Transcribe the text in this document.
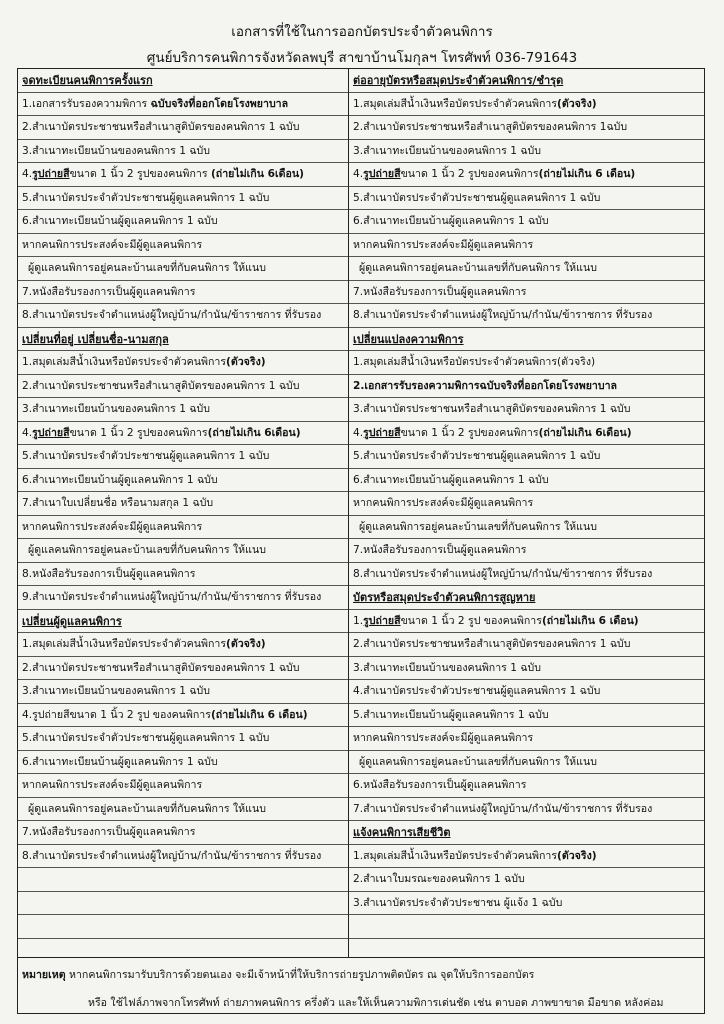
เอกสารที่ใช้ในการออกบัตรประจำตัวคนพิการ
ศูนย์บริการคนพิการจังหวัดลพบุรี สาขาบ้านโมกุลฯ โทรศัพท์ 036-791643
จดทะเบียนคนพิการครั้งแรก
1.เอกสารรับรองความพิการ ฉบับจริงที่ออกโดยโรงพยาบาล
2.สำเนาบัตรประชาชนหรือสำเนาสูติบัตรของคนพิการ 1 ฉบับ
3.สำเนาทะเบียนบ้านของคนพิการ 1 ฉบับ
4.รูปถ่ายสีขนาด 1 นิ้ว 2 รูปของคนพิการ (ถ่ายไม่เกิน 6เดือน)
5.สำเนาบัตรประจำตัวประชาชนผู้ดูแลคนพิการ 1 ฉบับ
6.สำเนาทะเบียนบ้านผู้ดูแลคนพิการ 1 ฉบับ
หากคนพิการประสงค์จะมีผู้ดูแลคนพิการ
ผู้ดูแลคนพิการอยู่คนละบ้านเลขที่กับคนพิการ ให้แนบ
7.หนังสือรับรองการเป็นผู้ดูแลคนพิการ
8.สำเนาบัตรประจำตำแหน่งผู้ใหญ่บ้าน/กำนัน/ข้าราชการ ที่รับรอง
เปลี่ยนที่อยู่ เปลี่ยนชื่อ-นามสกุล
1.สมุดเล่มสีน้ำเงินหรือบัตรประจำตัวคนพิการ(ตัวจริง)
2.สำเนาบัตรประชาชนหรือสำเนาสูติบัตรของคนพิการ 1 ฉบับ
3.สำเนาทะเบียนบ้านของคนพิการ 1 ฉบับ
4.รูปถ่ายสีขนาด 1 นิ้ว 2 รูปของคนพิการ(ถ่ายไม่เกิน 6เดือน)
5.สำเนาบัตรประจำตัวประชาชนผู้ดูแลคนพิการ 1 ฉบับ
6.สำเนาทะเบียนบ้านผู้ดูแลคนพิการ 1 ฉบับ
7.สำเนาใบเปลี่ยนชื่อ หรือนามสกุล 1 ฉบับ
หากคนพิการประสงค์จะมีผู้ดูแลคนพิการ
ผู้ดูแลคนพิการอยู่คนละบ้านเลขที่กับคนพิการ ให้แนบ
8.หนังสือรับรองการเป็นผู้ดูแลคนพิการ
9.สำเนาบัตรประจำตำแหน่งผู้ใหญ่บ้าน/กำนัน/ข้าราชการ ที่รับรอง
เปลี่ยนผู้ดูแลคนพิการ
1.สมุดเล่มสีน้ำเงินหรือบัตรประจำตัวคนพิการ(ตัวจริง)
2.สำเนาบัตรประชาชนหรือสำเนาสูติบัตรของคนพิการ 1 ฉบับ
3.สำเนาทะเบียนบ้านของคนพิการ 1 ฉบับ
4.รูปถ่ายสีขนาด 1 นิ้ว 2 รูป ของคนพิการ(ถ่ายไม่เกิน 6 เดือน)
5.สำเนาบัตรประจำตัวประชาชนผู้ดูแลคนพิการ 1 ฉบับ
6.สำเนาทะเบียนบ้านผู้ดูแลคนพิการ 1 ฉบับ
หากคนพิการประสงค์จะมีผู้ดูแลคนพิการ
ผู้ดูแลคนพิการอยู่คนละบ้านเลขที่กับคนพิการ ให้แนบ
7.หนังสือรับรองการเป็นผู้ดูแลคนพิการ
8.สำเนาบัตรประจำตำแหน่งผู้ใหญ่บ้าน/กำนัน/ข้าราชการ ที่รับรอง
ต่ออายุบัตรหรือสมุดประจำตัวคนพิการ/ชำรุด
1.สมุดเล่มสีน้ำเงินหรือบัตรประจำตัวคนพิการ(ตัวจริง)
2.สำเนาบัตรประชาชนหรือสำเนาสูติบัตรของคนพิการ 1ฉบับ
3.สำเนาทะเบียนบ้านของคนพิการ 1 ฉบับ
4.รูปถ่ายสีขนาด 1 นิ้ว 2 รูปของคนพิการ(ถ่ายไม่เกิน 6 เดือน)
5.สำเนาบัตรประจำตัวประชาชนผู้ดูแลคนพิการ 1 ฉบับ
6.สำเนาทะเบียนบ้านผู้ดูแลคนพิการ 1 ฉบับ
หากคนพิการประสงค์จะมีผู้ดูแลคนพิการ
ผู้ดูแลคนพิการอยู่คนละบ้านเลขที่กับคนพิการ ให้แนบ
7.หนังสือรับรองการเป็นผู้ดูแลคนพิการ
8.สำเนาบัตรประจำตำแหน่งผู้ใหญ่บ้าน/กำนัน/ข้าราชการ ที่รับรอง
เปลี่ยนแปลงความพิการ
1.สมุดเล่มสีน้ำเงินหรือบัตรประจำตัวคนพิการ(ตัวจริง)
2.เอกสารรับรองความพิการฉบับจริงที่ออกโดยโรงพยาบาล
3.สำเนาบัตรประชาชนหรือสำเนาสูติบัตรของคนพิการ 1 ฉบับ
4.รูปถ่ายสีขนาด 1 นิ้ว 2 รูปของคนพิการ(ถ่ายไม่เกิน 6เดือน)
5.สำเนาบัตรประจำตัวประชาชนผู้ดูแลคนพิการ 1 ฉบับ
6.สำเนาทะเบียนบ้านผู้ดูแลคนพิการ 1 ฉบับ
หากคนพิการประสงค์จะมีผู้ดูแลคนพิการ
ผู้ดูแลคนพิการอยู่คนละบ้านเลขที่กับคนพิการ ให้แนบ
7.หนังสือรับรองการเป็นผู้ดูแลคนพิการ
8.สำเนาบัตรประจำตำแหน่งผู้ใหญ่บ้าน/กำนัน/ข้าราชการ ที่รับรอง
บัตรหรือสมุดประจำตัวคนพิการสูญหาย
1.รูปถ่ายสีขนาด 1 นิ้ว 2 รูป ของคนพิการ(ถ่ายไม่เกิน 6 เดือน)
2.สำเนาบัตรประชาชนหรือสำเนาสูติบัตรของคนพิการ 1 ฉบับ
3.สำเนาทะเบียนบ้านของคนพิการ 1 ฉบับ
4.สำเนาบัตรประจำตัวประชาชนผู้ดูแลคนพิการ 1 ฉบับ
5.สำเนาทะเบียนบ้านผู้ดูแลคนพิการ 1 ฉบับ
หากคนพิการประสงค์จะมีผู้ดูแลคนพิการ
ผู้ดูแลคนพิการอยู่คนละบ้านเลขที่กับคนพิการ ให้แนบ
6.หนังสือรับรองการเป็นผู้ดูแลคนพิการ
7.สำเนาบัตรประจำตำแหน่งผู้ใหญ่บ้าน/กำนัน/ข้าราชการ ที่รับรอง
แจ้งคนพิการเสียชีวิต
1.สมุดเล่มสีน้ำเงินหรือบัตรประจำตัวคนพิการ(ตัวจริง)
2.สำเนาใบมรณะของคนพิการ 1 ฉบับ
3.สำเนาบัตรประจำตัวประชาชน ผู้แจ้ง 1 ฉบับ
หมายเหตุ หากคนพิการมารับบริการด้วยตนเอง จะมีเจ้าหน้าที่ให้บริการถ่ายรูปภาพติดบัตร ณ จุดให้บริการออกบัตร
หรือ ใช้ไฟล์ภาพจากโทรศัพท์ ถ่ายภาพคนพิการ ครึ่งตัว และให้เห็นความพิการเด่นชัด เช่น ตาบอด ภาพขาขาด มือขาด หลังค่อม
